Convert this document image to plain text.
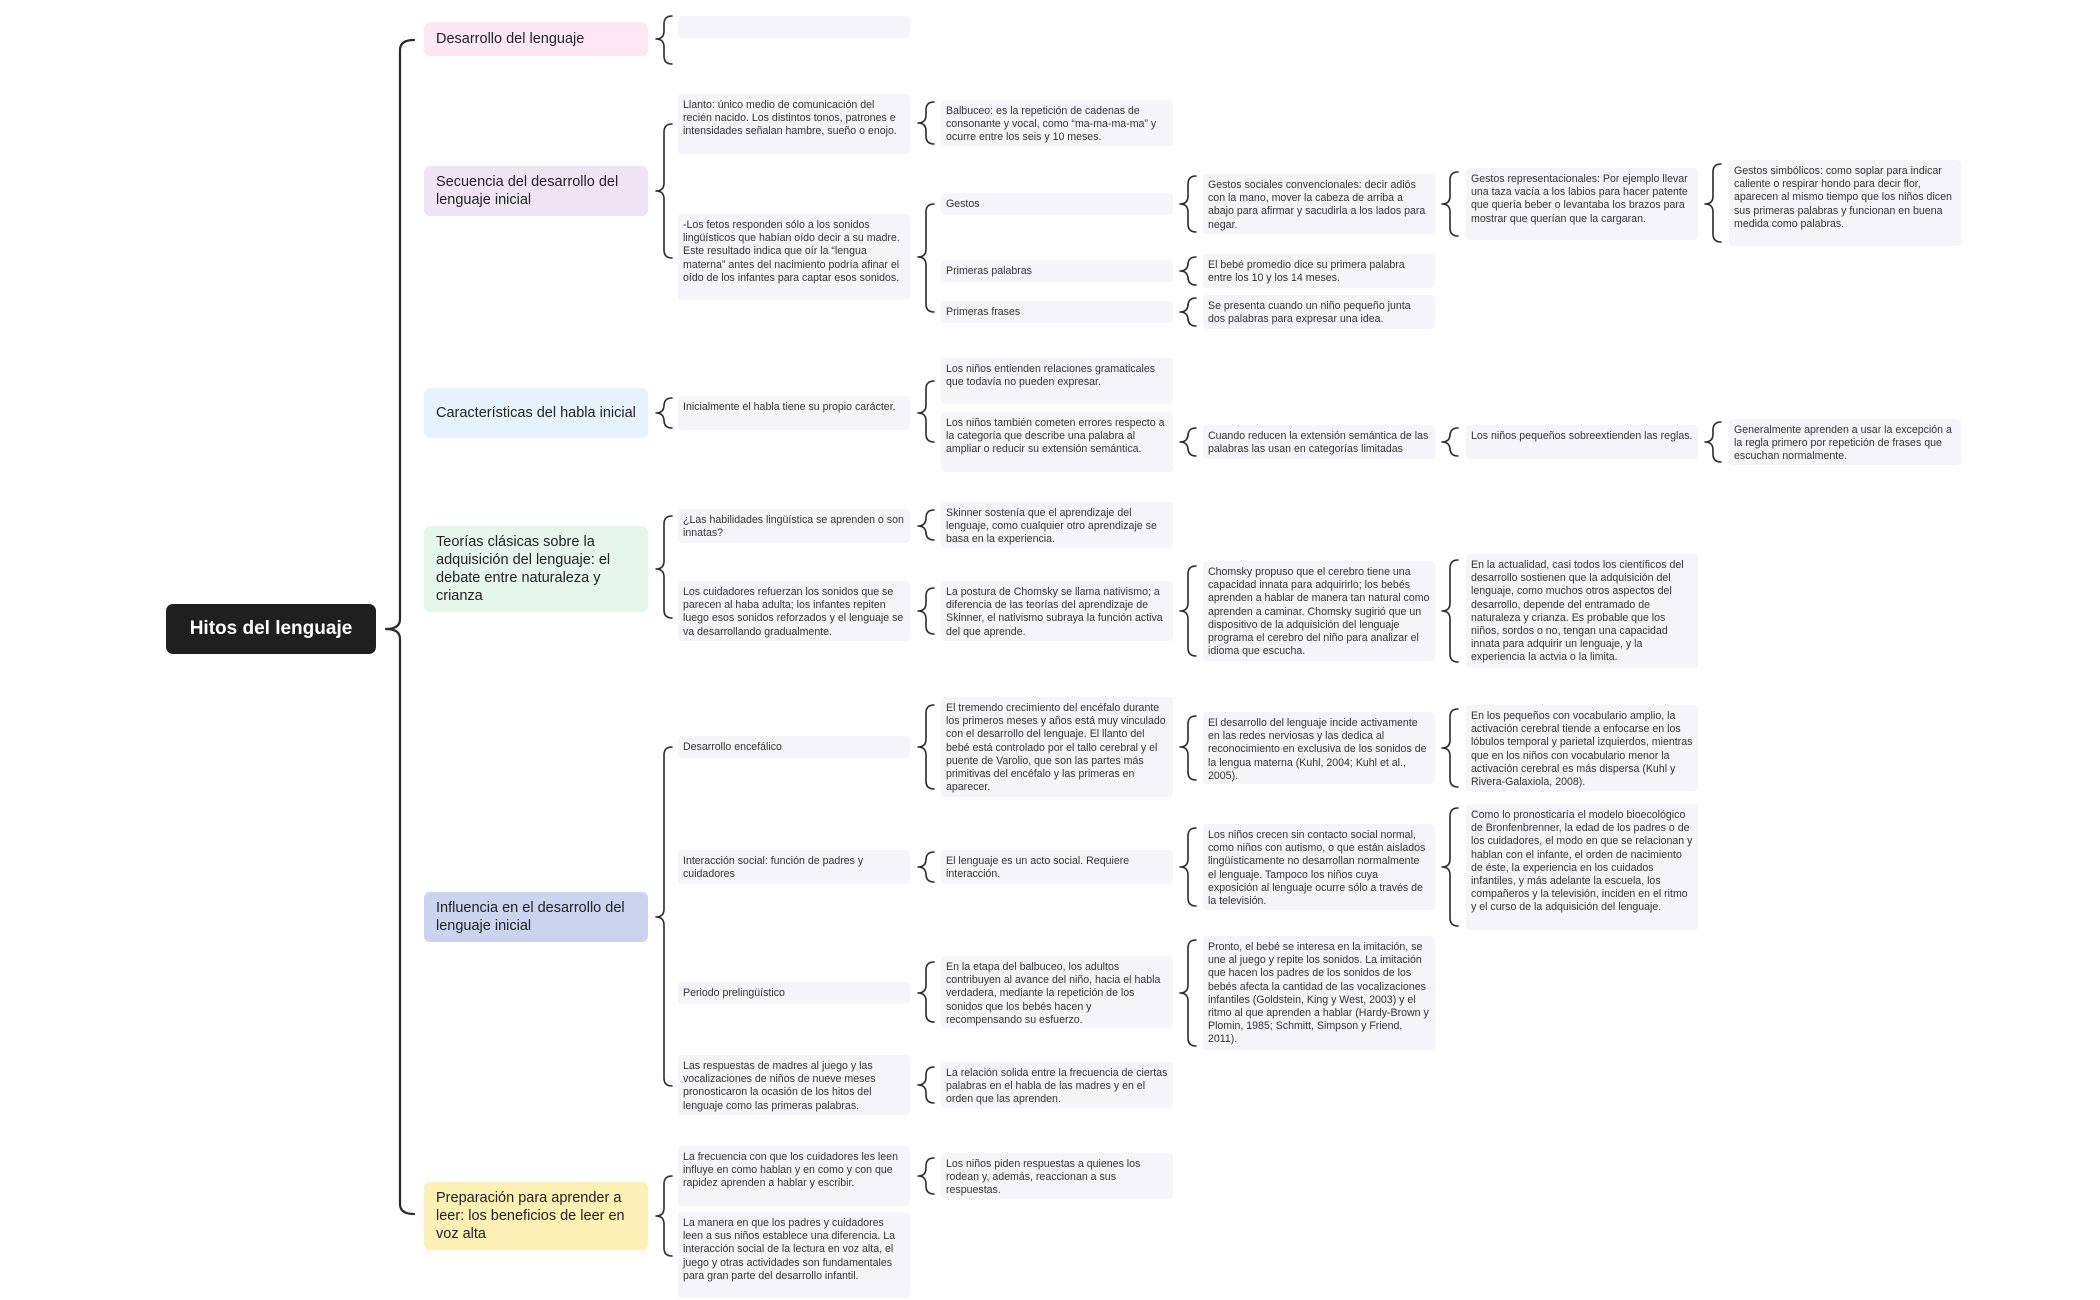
Hitos del lenguaje
Desarrollo del lenguaje
Secuencia del desarrollo del lenguaje inicial
Características del habla inicial
Teorías clásicas sobre la adquisición del lenguaje: el debate entre naturaleza y crianza
Influencia en el desarrollo del lenguaje inicial
Preparación para aprender a leer: los beneficios de leer en voz alta
Llanto: único medio de comunicación del recién nacido. Los distintos tonos, patrones e intensidades señalan hambre, sueño o enojo.
Balbuceo: es la repetición de cadenas de consonante y vocal, como “ma-ma-ma-ma” y ocurre entre los seis y 10 meses.
-Los fetos responden sólo a los sonidos lingüísticos que habían oído decir a su madre. Este resultado indica que oír la “lengua materna” antes del nacimiento podría afinar el oído de los infantes para captar esos sonidos.
Gestos
Gestos sociales convencionales: decir adiós con la mano, mover la cabeza de arriba a abajo para afirmar y sacudirla a los lados para negar.
Gestos representacionales: Por ejemplo llevar una taza vacía a los labios para hacer patente que quería beber o levantaba los brazos para mostrar que querían que la cargaran.
Gestos simbólicos: como soplar para indicar caliente o respirar hondo para decir flor, aparecen al mismo tiempo que los niños dicen sus primeras palabras y funcionan en buena medida como palabras.
Primeras palabras	El bebé promedio dice su primera palabra entre los 10 y los 14 meses.
Primeras frases	Se presenta cuando un niño pequeño junta dos palabras para expresar una idea.
Inicialmente el habla tiene su propio carácter.
Los niños entienden relaciones gramaticales que todavía no pueden expresar.
Los niños también cometen errores respecto a la categoría que describe una palabra al ampliar o reducir su extensión semántica.
Cuando reducen la extensión semántica de las palabras las usan en categorías limitadas
Los niños pequeños sobreextienden las reglas.	Generalmente aprenden a usar la excepción a la regla primero por repetición de frases que escuchan normalmente.
¿Las habilidades lingüística se aprenden o son innatas?
Skinner sostenía que el aprendizaje del lenguaje, como cualquier otro aprendizaje se basa en la experiencia.
Los cuidadores refuerzan los sonidos que se parecen al haba adulta; los infantes repiten luego esos sonidos reforzados y el lenguaje se va desarrollando gradualmente.
La postura de Chomsky se llama nativismo; a diferencia de las teorías del aprendizaje de Skinner, el nativismo subraya la función activa del que aprende.
Chomsky propuso que el cerebro tiene una capacidad innata para adquirirlo; los bebés aprenden a hablar de manera tan natural como aprenden a caminar. Chomsky sugirió que un dispositivo de la adquisición del lenguaje programa el cerebro del niño para analizar el idioma que escucha.
En la actualidad, casi todos los científicos del desarrollo sostienen que la adquisición del lenguaje, como muchos otros aspectos del desarrollo, depende del entramado de naturaleza y crianza. Es probable que los niños, sordos o no, tengan una capacidad innata para adquirir un lenguaje, y la experiencia la actvia o la limita.
Desarrollo encefálico
El tremendo crecimiento del encéfalo durante los primeros meses y años está muy vinculado con el desarrollo del lenguaje. El llanto del bebé está controlado por el tallo cerebral y el puente de Varolio, que son las partes más primitivas del encéfalo y las primeras en aparecer.
El desarrollo del lenguaje incide activamente en las redes nerviosas y las dedica al reconocimiento en exclusiva de los sonidos de la lengua materna (Kuhl, 2004; Kuhl et al., 2005).
En los pequeños con vocabulario amplio, la activación cerebral tiende a enfocarse en los lóbulos temporal y parietal izquierdos, mientras que en los niños con vocabulario menor la activación cerebral es más dispersa (Kuhl y Rivera-Galaxiola, 2008).
Interacción social: función de padres y cuidadores
El lenguaje es un acto social. Requiere interacción.
Los niños crecen sin contacto social normal, como niños con autismo, o que están aislados lingüísticamente no desarrollan normalmente el lenguaje. Tampoco los niños cuya exposición al lenguaje ocurre sólo a través de la televisión.
Como lo pronosticaría el modelo bioecológico de Bronfenbrenner, la edad de los padres o de los cuidadores, el modo en que se relacionan y hablan con el infante, el orden de nacimiento de éste, la experiencia en los cuidados infantiles, y más adelante la escuela, los compañeros y la televisión, inciden en el ritmo y el curso de la adquisición del lenguaje.
Periodo prelingüístico
En la etapa del balbuceo, los adultos contribuyen al avance del niño, hacia el habla verdadera, mediante la repetición de los sonidos que los bebés hacen y recompensando su esfuerzo.
Pronto, el bebé se interesa en la imitación, se une al juego y repite los sonidos. La imitación que hacen los padres de los sonidos de los bebés afecta la cantidad de las vocalizaciones infantiles (Goldstein, King y West, 2003) y el ritmo al que aprenden a hablar (Hardy-Brown y Plomin, 1985; Schmitt, Simpson y Friend, 2011).
Las respuestas de madres al juego y las vocalizaciones de niños de nueve meses pronosticaron la ocasión de los hitos del lenguaje como las primeras palabras.
La relación solida entre la frecuencia de ciertas palabras en el habla de las madres y en el orden que las aprenden.
La frecuencia con que los cuidadores les leen influye en como hablan y en como y con que rapidez aprenden a hablar y escribir.
Los niños piden respuestas a quienes los rodean y, además, reaccionan a sus respuestas.
La manera en que los padres y cuidadores leen a sus niños establece una diferencia. La interacción social de la lectura en voz alta, el juego y otras actividades son fundamentales para gran parte del desarrollo infantil.
